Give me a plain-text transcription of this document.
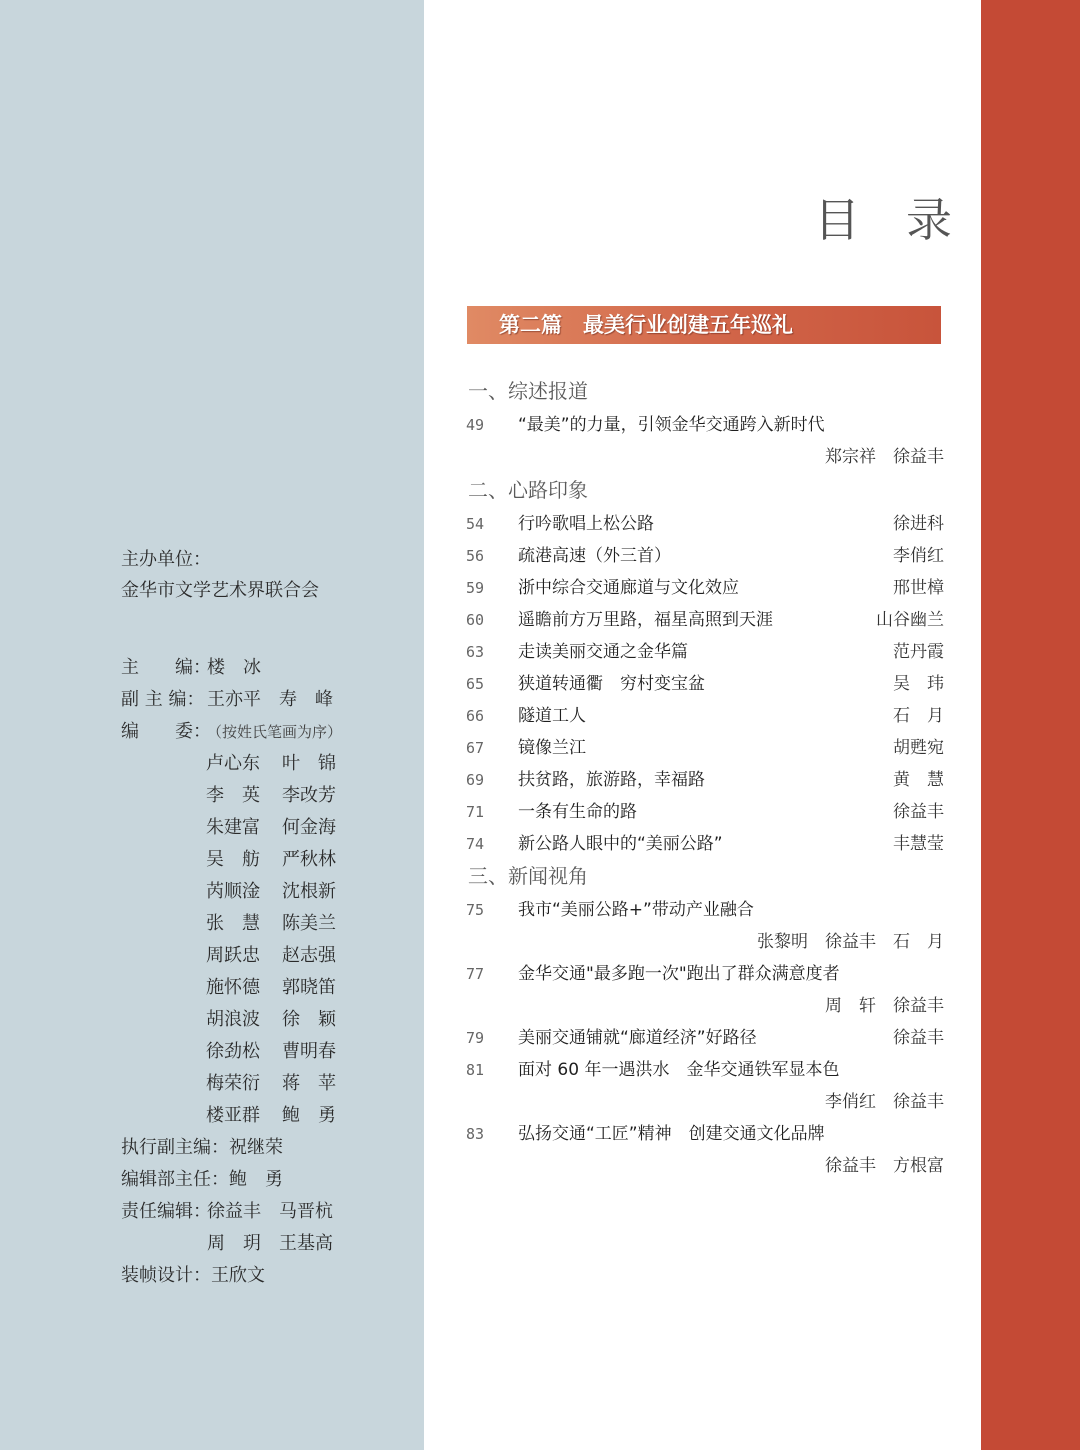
主办单位：
金华市文学艺术界联合会
主　　编：
楼　冰
副 主 编： 王亦平　寿　峰
编　　委：
（按姓氏笔画为序）
卢心东 叶　锦
李　英 李改芳
朱建富 何金海
吴　舫 严秋林
芮顺淦 沈根新
张　慧 陈美兰
周跃忠 赵志强
施怀德 郭晓笛
胡浪波 徐　颖
徐劲松 曹明春
梅荣衍 蒋　苹
楼亚群 鲍　勇
执行副主编：祝继荣
编辑部主任：鲍　勇
责任编辑：
徐益丰　马晋杭
周　玥　王基高
装帧设计：王欣文
目　录
第二篇　最美行业创建五年巡礼
一、综述报道
49	“最美”的力量，引领金华交通跨入新时代
郑宗祥　徐益丰
二、心路印象
54	行吟歌唱上松公路	徐进科
56	疏港高速（外三首）	李俏红
59	浙中综合交通廊道与文化效应	邢世樟
60	遥瞻前方万里路，福星高照到天涯	山谷幽兰
63	走读美丽交通之金华篇	范丹霞
65	狭道转通衢　穷村变宝盆	吴　玮
66	隧道工人	石　月
67	镜像兰江	胡甦宛
69	扶贫路，旅游路，幸福路	黄　慧
71	一条有生命的路	徐益丰
74	新公路人眼中的“美丽公路”	丰慧莹
三、新闻视角
75	我市“美丽公路+”带动产业融合
张黎明　徐益丰　石　月
77	金华交通"最多跑一次"跑出了群众满意度者
周　轩　徐益丰
79	美丽交通铺就“廊道经济”好路径	徐益丰
81	面对 60 年一遇洪水　金华交通铁军显本色
李俏红　徐益丰
83	弘扬交通“工匠”精神　创建交通文化品牌
徐益丰　方根富
